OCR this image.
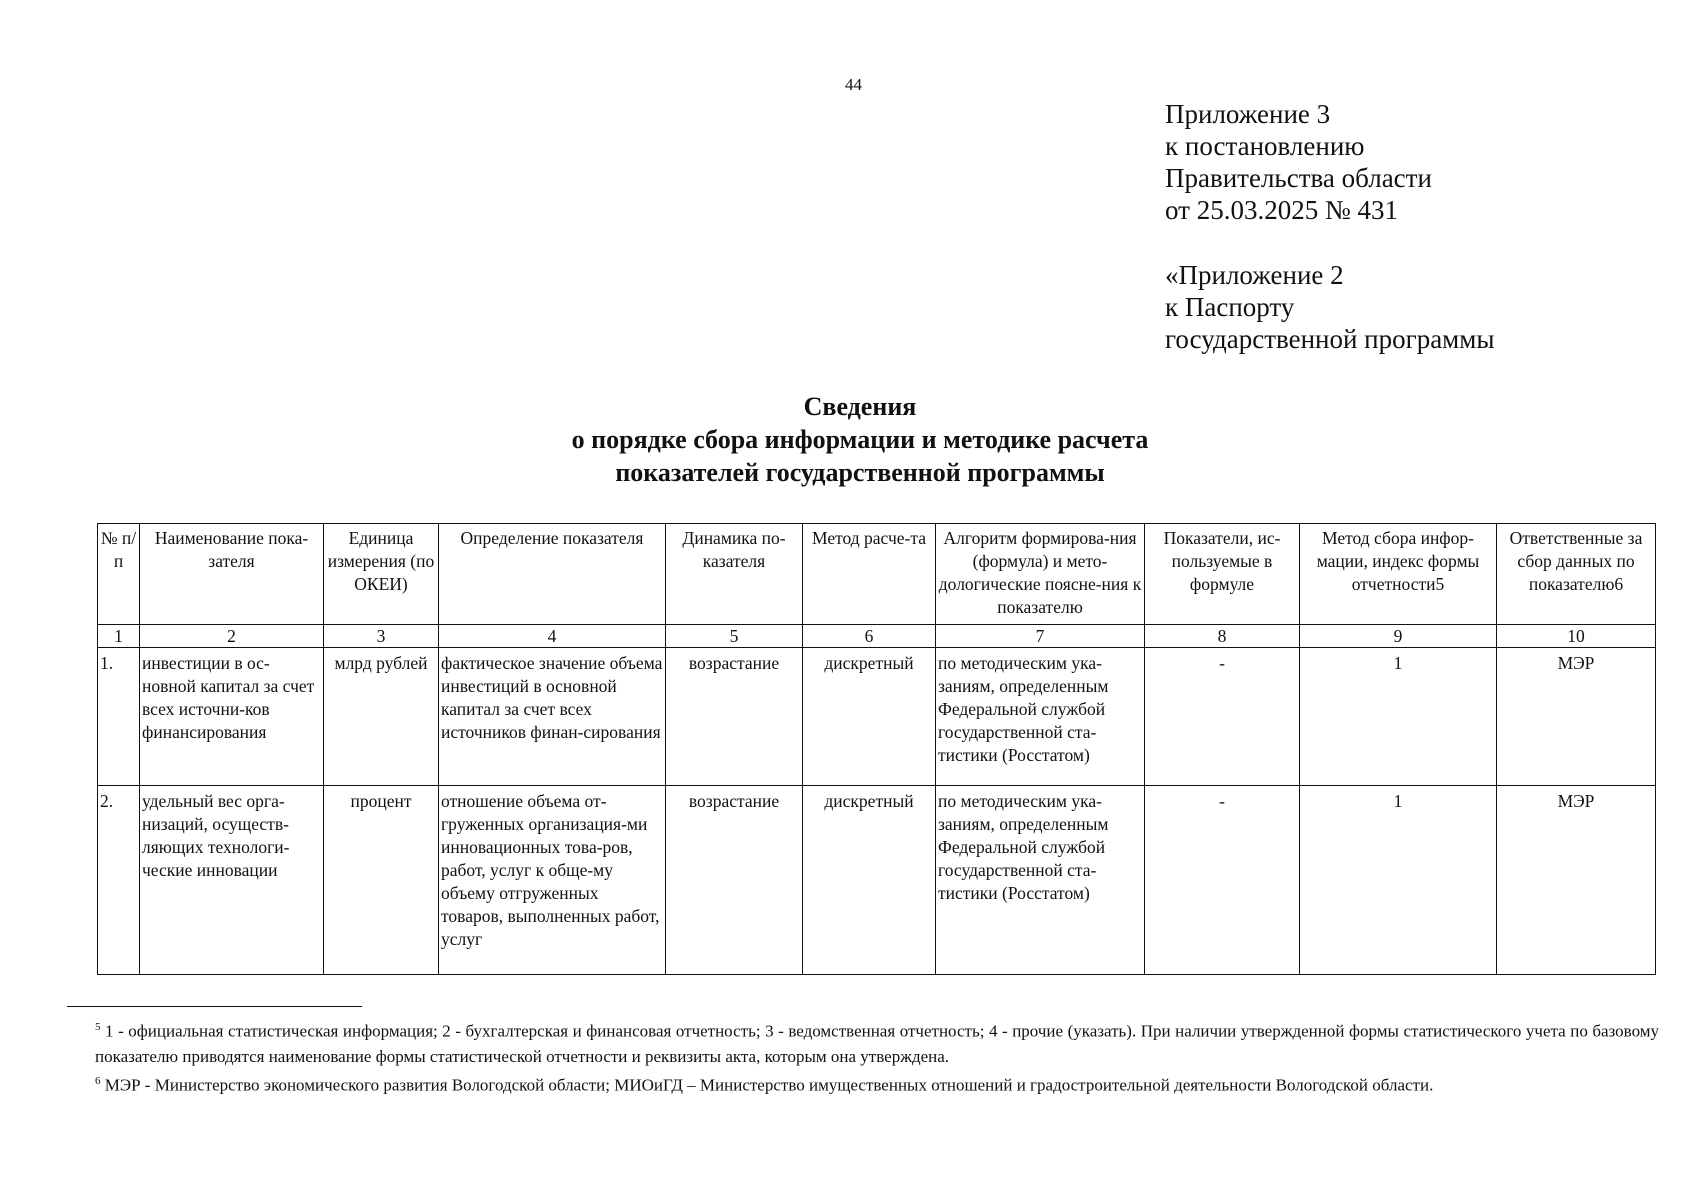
44
Приложение 3
к постановлению
Правительства области
от 25.03.2025 № 431
«Приложение 2
к Паспорту
государственной программы
Сведения
о порядке сбора информации и методике расчета
показателей государственной программы
№ п/п	Наименование пока-зателя	Единица измерения (по ОКЕИ)	Определение показателя	Динамика по-казателя	Метод расче-та	Алгоритм формирова-ния (формула) и мето-дологические поясне-ния к показателю	Показатели, ис-пользуемые в формуле	Метод сбора инфор-мации, индекс формы отчетности5	Ответственные за сбор данных по показателю6
1	2	3	4	5	6	7	8	9	10
1.	инвестиции в ос-новной капитал за счет всех источни-ков финансирования	млрд рублей	фактическое значение объема инвестиций в основной капитал за счет всех источников финан-сирования	возрастание	дискретный	по методическим ука-заниям, определенным Федеральной службой государственной ста-тистики (Росстатом)	-	1	МЭР
2.	удельный вес орга-низаций, осуществ-ляющих технологи-ческие инновации	процент	отношение объема от-груженных организация-ми инновационных това-ров, работ, услуг к обще-му объему отгруженных товаров, выполненных работ, услуг	возрастание	дискретный	по методическим ука-заниям, определенным Федеральной службой государственной ста-тистики (Росстатом)	-	1	МЭР

$^5$ 1 - официальная статистическая информация; 2 - бухгалтерская и финансовая отчетность; 3 - ведомственная отчетность; 4 - прочие (указать). При наличии утвержденной формы статистического учета по базовому показателю приводятся наименование формы статистической отчетности и реквизиты акта, которым она утверждена.

$^6$ МЭР - Министерство экономического развития Вологодской области; МИОиГД – Министерство имущественных отношений и градостроительной деятельности Вологодской области.
